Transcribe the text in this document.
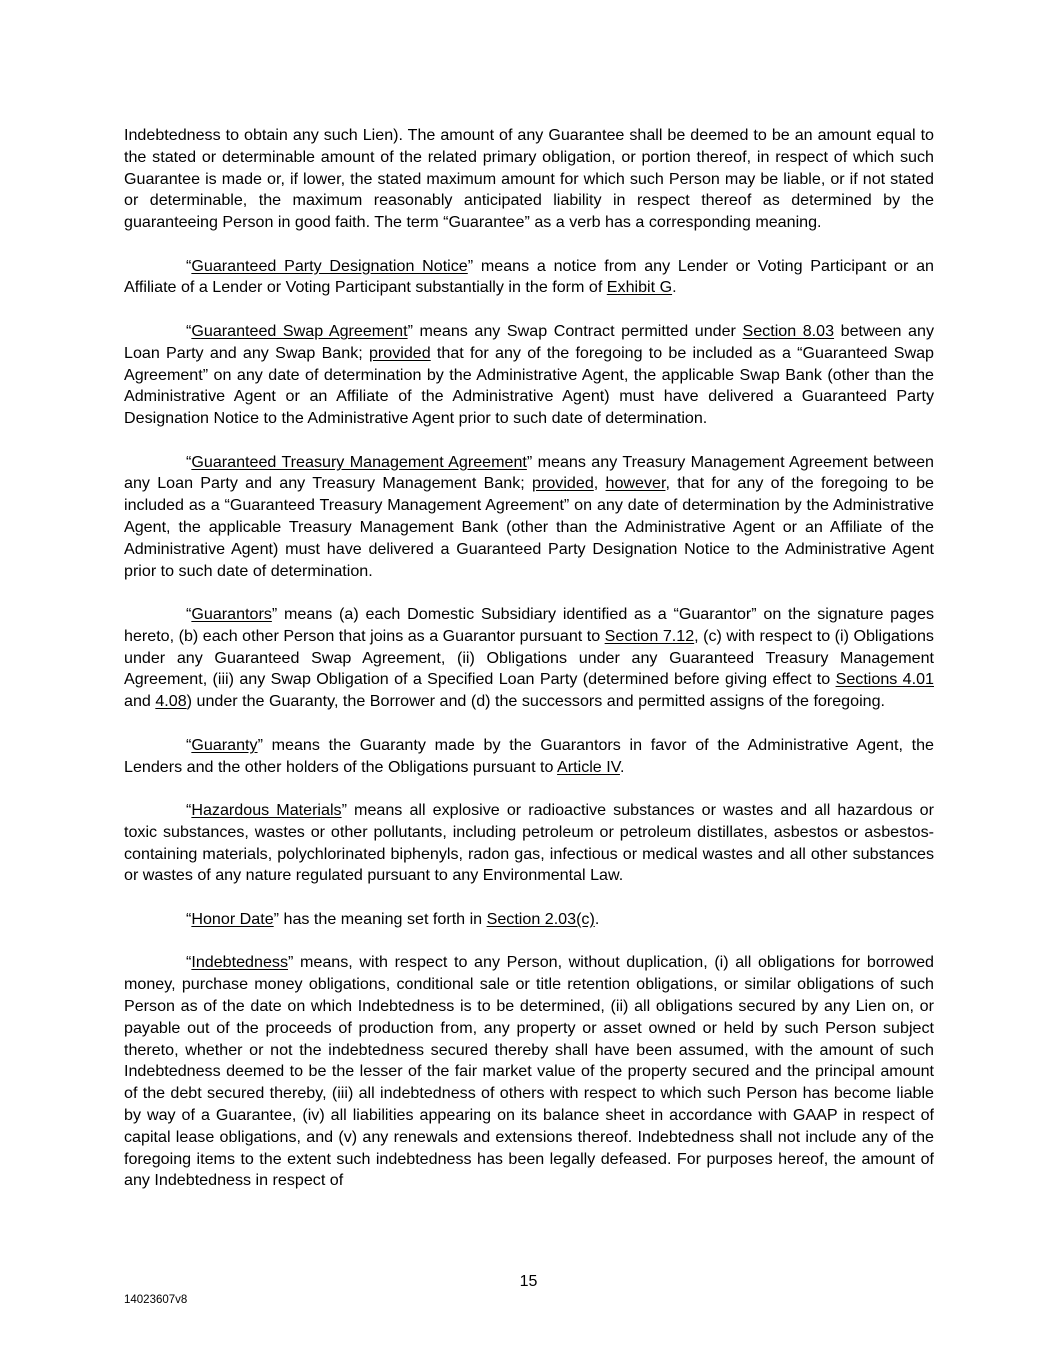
Indebtedness to obtain any such Lien). The amount of any Guarantee shall be deemed to be an amount equal to the stated or determinable amount of the related primary obligation, or portion thereof, in respect of which such Guarantee is made or, if lower, the stated maximum amount for which such Person may be liable, or if not stated or determinable, the maximum reasonably anticipated liability in respect thereof as determined by the guaranteeing Person in good faith. The term “Guarantee” as a verb has a corresponding meaning.

“Guaranteed Party Designation Notice” means a notice from any Lender or Voting Participant or an Affiliate of a Lender or Voting Participant substantially in the form of Exhibit G.

“Guaranteed Swap Agreement” means any Swap Contract permitted under Section 8.03 between any Loan Party and any Swap Bank; provided that for any of the foregoing to be included as a “Guaranteed Swap Agreement” on any date of determination by the Administrative Agent, the applicable Swap Bank (other than the Administrative Agent or an Affiliate of the Administrative Agent) must have delivered a Guaranteed Party Designation Notice to the Administrative Agent prior to such date of determination.

“Guaranteed Treasury Management Agreement” means any Treasury Management Agreement between any Loan Party and any Treasury Management Bank; provided, however, that for any of the foregoing to be included as a “Guaranteed Treasury Management Agreement” on any date of determination by the Administrative Agent, the applicable Treasury Management Bank (other than the Administrative Agent or an Affiliate of the Administrative Agent) must have delivered a Guaranteed Party Designation Notice to the Administrative Agent prior to such date of determination.

“Guarantors” means (a) each Domestic Subsidiary identified as a “Guarantor” on the signature pages hereto, (b) each other Person that joins as a Guarantor pursuant to Section 7.12, (c) with respect to (i) Obligations under any Guaranteed Swap Agreement, (ii) Obligations under any Guaranteed Treasury Management Agreement, (iii) any Swap Obligation of a Specified Loan Party (determined before giving effect to Sections 4.01 and 4.08) under the Guaranty, the Borrower and (d) the successors and permitted assigns of the foregoing.

“Guaranty” means the Guaranty made by the Guarantors in favor of the Administrative Agent, the Lenders and the other holders of the Obligations pursuant to Article IV.

“Hazardous Materials” means all explosive or radioactive substances or wastes and all hazardous or toxic substances, wastes or other pollutants, including petroleum or petroleum distillates, asbestos or asbestos-containing materials, polychlorinated biphenyls, radon gas, infectious or medical wastes and all other substances or wastes of any nature regulated pursuant to any Environmental Law.

“Honor Date” has the meaning set forth in Section 2.03(c).

“Indebtedness” means, with respect to any Person, without duplication, (i) all obligations for borrowed money, purchase money obligations, conditional sale or title retention obligations, or similar obligations of such Person as of the date on which Indebtedness is to be determined, (ii) all obligations secured by any Lien on, or payable out of the proceeds of production from, any property or asset owned or held by such Person subject thereto, whether or not the indebtedness secured thereby shall have been assumed, with the amount of such Indebtedness deemed to be the lesser of the fair market value of the property secured and the principal amount of the debt secured thereby, (iii) all indebtedness of others with respect to which such Person has become liable by way of a Guarantee, (iv) all liabilities appearing on its balance sheet in accordance with GAAP in respect of capital lease obligations, and (v) any renewals and extensions thereof. Indebtedness shall not include any of the foregoing items to the extent such indebtedness has been legally defeased. For purposes hereof, the amount of any Indebtedness in respect of

15
14023607v8
